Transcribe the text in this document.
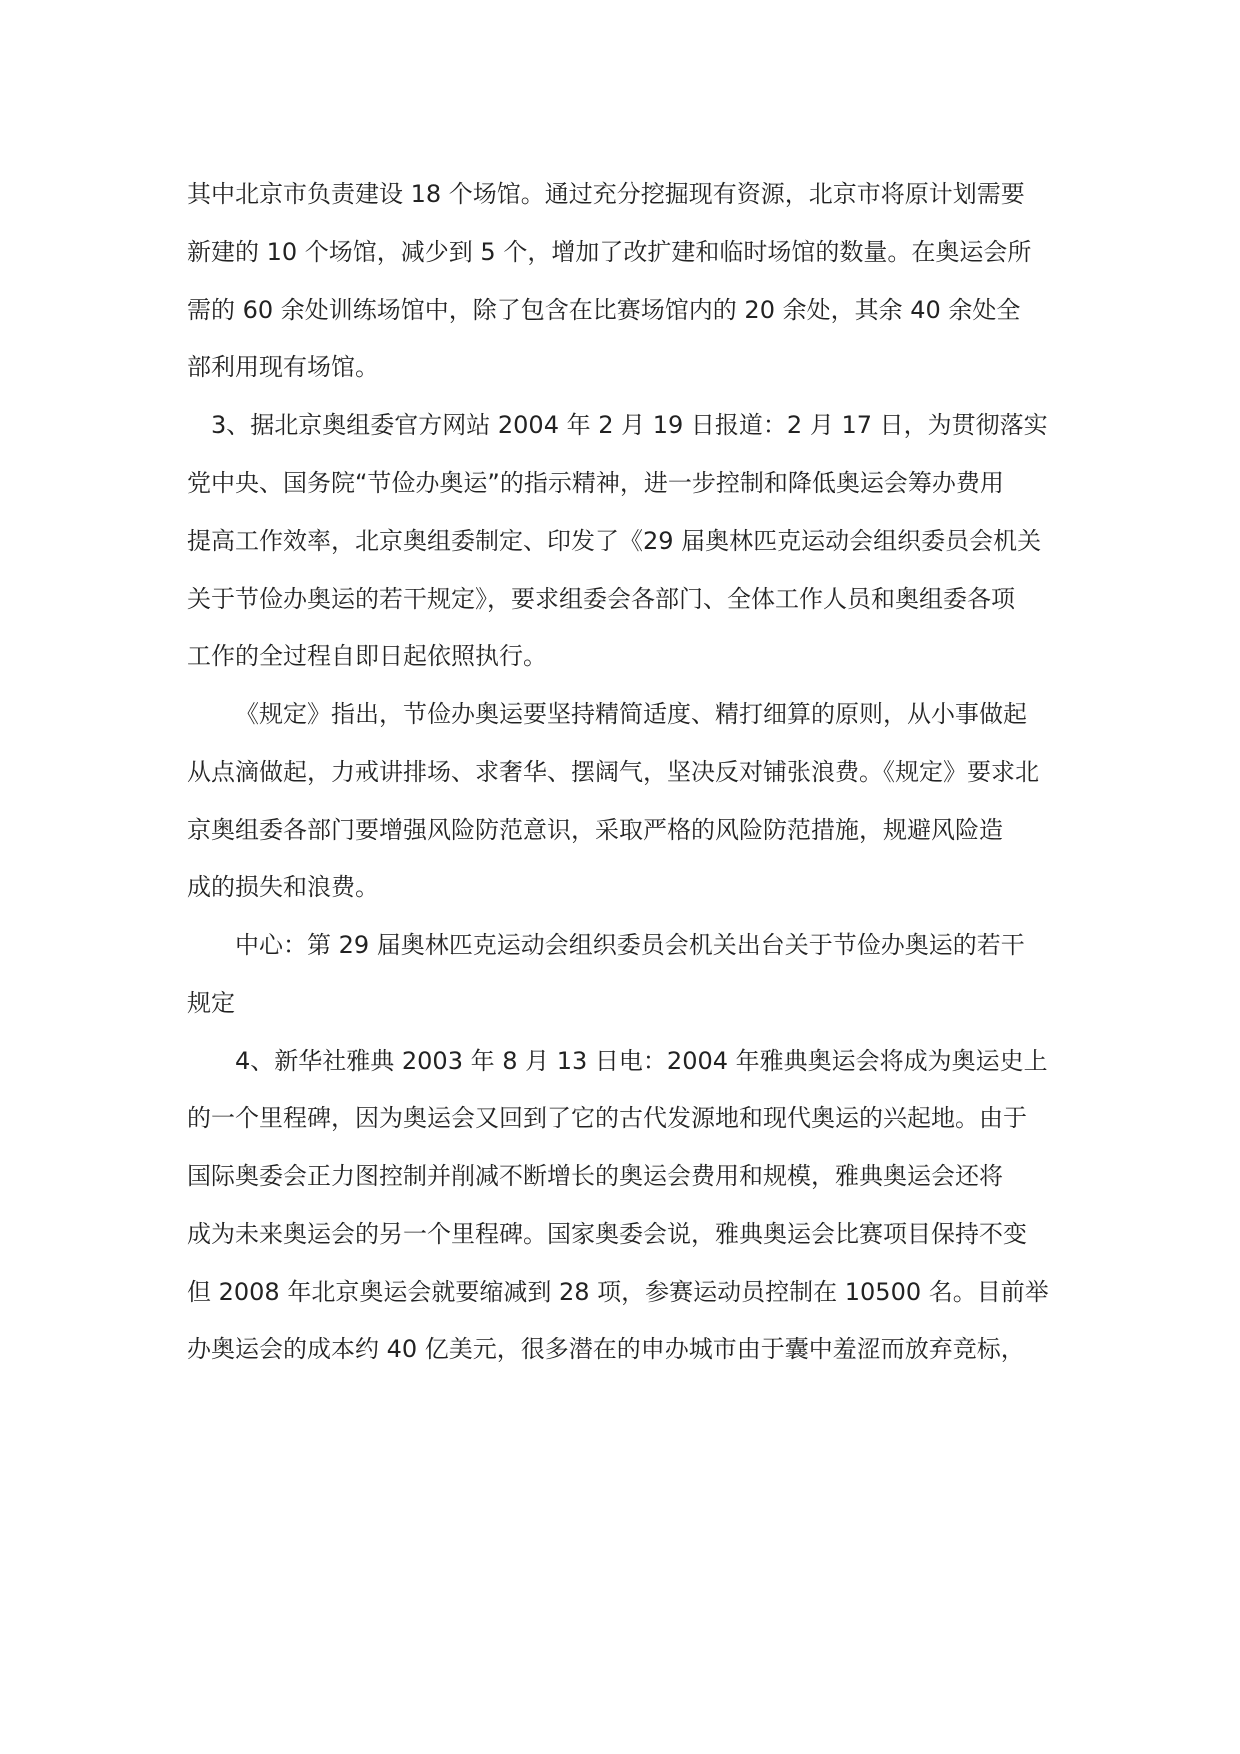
其中北京市负责建设 18 个场馆。通过充分挖掘现有资源，北京市将原计划需要
新建的 10 个场馆，减少到 5 个，增加了改扩建和临时场馆的数量。在奥运会所
需的 60 余处训练场馆中，除了包含在比赛场馆内的 20 余处，其余 40 余处全
部利用现有场馆。
3、据北京奥组委官方网站 2004 年 2 月 19 日报道：2 月 17 日，为贯彻落实
党中央、国务院“节俭办奥运”的指示精神，进一步控制和降低奥运会筹办费用
提高工作效率，北京奥组委制定、印发了《29 届奥林匹克运动会组织委员会机关
关于节俭办奥运的若干规定》，要求组委会各部门、全体工作人员和奥组委各项
工作的全过程自即日起依照执行。
《规定》指出，节俭办奥运要坚持精简适度、精打细算的原则，从小事做起
从点滴做起，力戒讲排场、求奢华、摆阔气，坚决反对铺张浪费。《规定》要求北
京奥组委各部门要增强风险防范意识，采取严格的风险防范措施，规避风险造
成的损失和浪费。
中心：第 29 届奥林匹克运动会组织委员会机关出台关于节俭办奥运的若干
规定
4、新华社雅典 2003 年 8 月 13 日电：2004 年雅典奥运会将成为奥运史上
的一个里程碑，因为奥运会又回到了它的古代发源地和现代奥运的兴起地。由于
国际奥委会正力图控制并削减不断增长的奥运会费用和规模，雅典奥运会还将
成为未来奥运会的另一个里程碑。国家奥委会说，雅典奥运会比赛项目保持不变
但 2008 年北京奥运会就要缩减到 28 项，参赛运动员控制在 10500 名。目前举
办奥运会的成本约 40 亿美元，很多潜在的申办城市由于囊中羞涩而放弃竞标，
